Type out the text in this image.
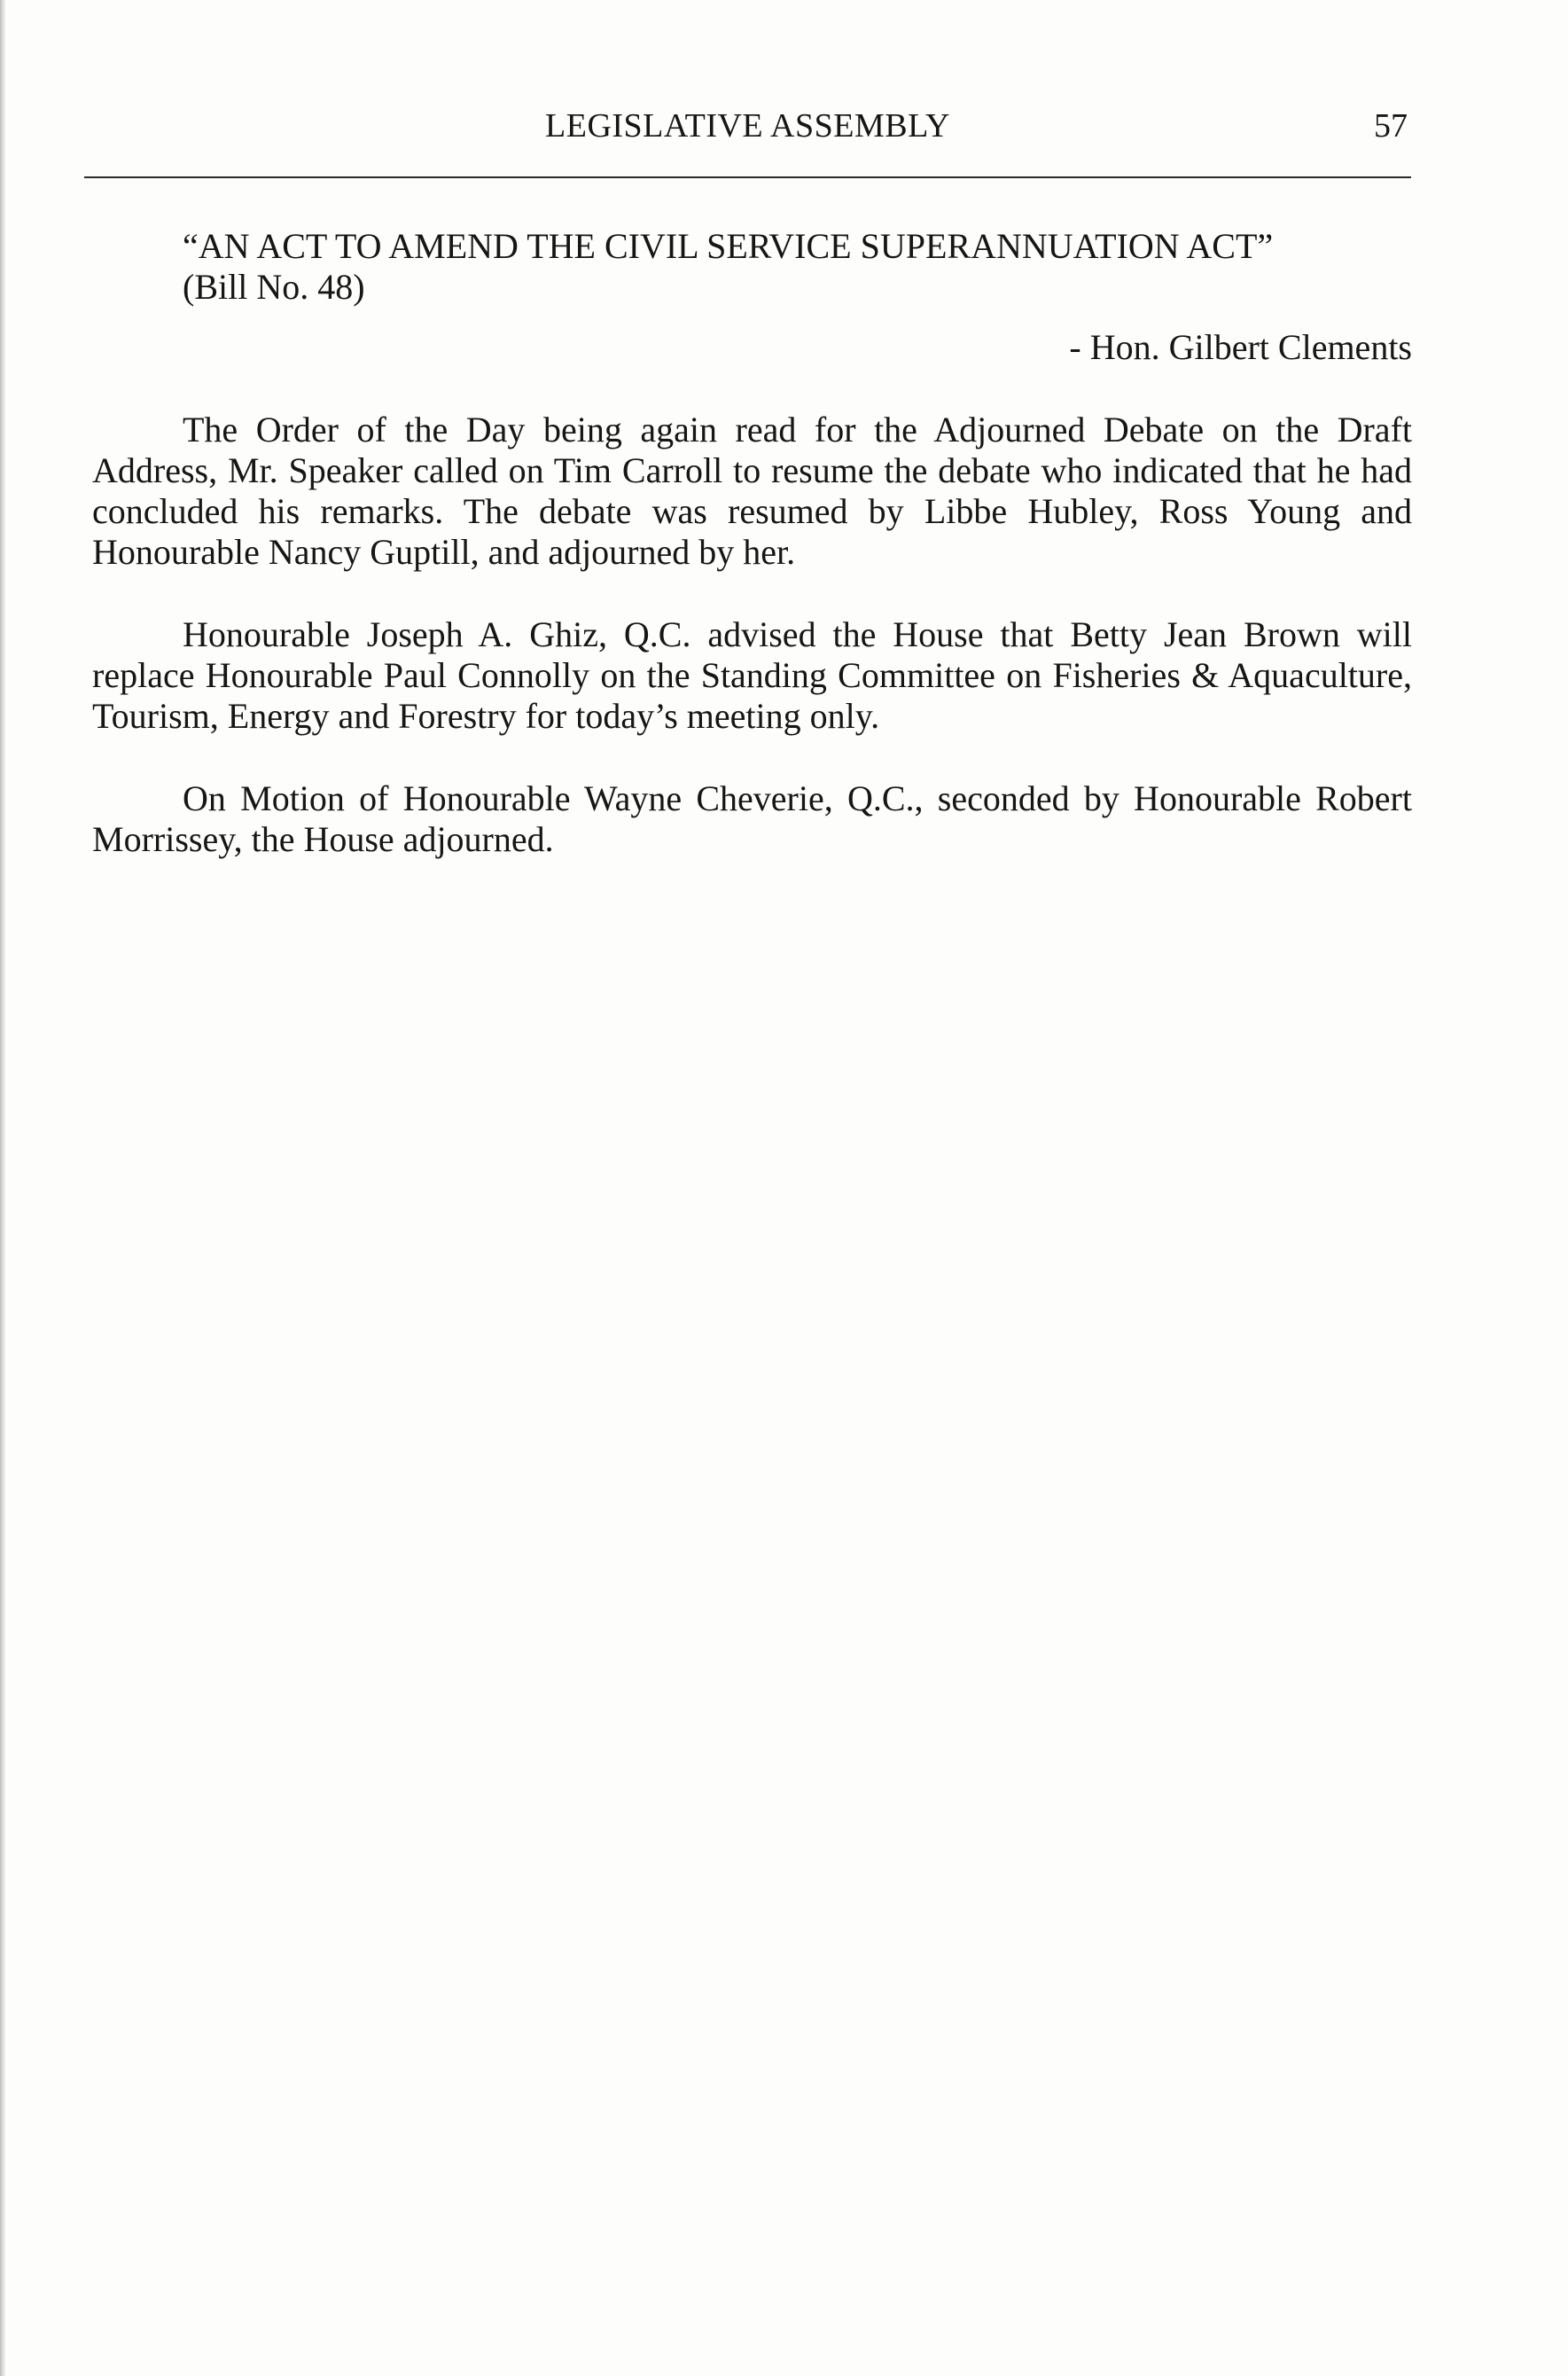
LEGISLATIVE ASSEMBLY	57
“AN ACT TO AMEND THE CIVIL SERVICE SUPERANNUATION ACT”
(Bill No. 48)
- Hon. Gilbert Clements

The Order of the Day being again read for the Adjourned Debate on the Draft Address, Mr. Speaker called on Tim Carroll to resume the debate who indicated that he had concluded his remarks. The debate was resumed by Libbe Hubley, Ross Young and Honourable Nancy Guptill, and adjourned by her.

Honourable Joseph A. Ghiz, Q.C. advised the House that Betty Jean Brown will replace Honourable Paul Connolly on the Standing Committee on Fisheries & Aquaculture, Tourism, Energy and Forestry for today’s meeting only.

On Motion of Honourable Wayne Cheverie, Q.C., seconded by Honourable Robert Morrissey, the House adjourned.
